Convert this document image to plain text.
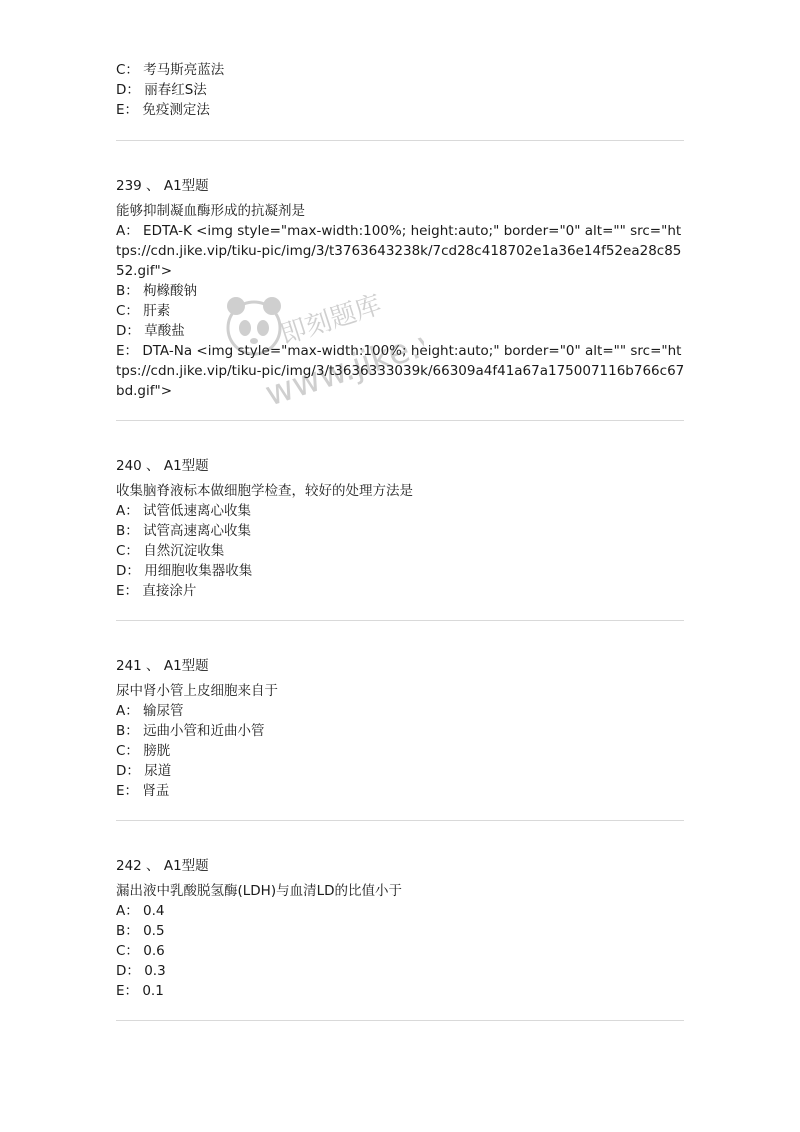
C： 考马斯亮蓝法
D： 丽春红S法
E： 免疫测定法
239 、 A1型题
能够抑制凝血酶形成的抗凝剂是
A： EDTA-K <img style="max-width:100%; height:auto;" border="0" alt="" src="https://cdn.jike.vip/tiku-pic/img/3/t3763643238k/7cd28c418702e1a36e14f52ea28c8552.gif">
B： 枸橼酸钠
C： 肝素
D： 草酸盐
E： DTA-Na <img style="max-width:100%; height:auto;" border="0" alt="" src="https://cdn.jike.vip/tiku-pic/img/3/t3636333039k/66309a4f41a67a175007116b766c67bd.gif">
240 、 A1型题
收集脑脊液标本做细胞学检查，较好的处理方法是
A： 试管低速离心收集
B： 试管高速离心收集
C： 自然沉淀收集
D： 用细胞收集器收集
E： 直接涂片
241 、 A1型题
尿中肾小管上皮细胞来自于
A： 输尿管
B： 远曲小管和近曲小管
C： 膀胱
D： 尿道
E： 肾盂
242 、 A1型题
漏出液中乳酸脱氢酶(LDH)与血清LD的比值小于
A： 0.4
B： 0.5
C： 0.6
D： 0.3
E： 0.1
即刻题库
www.jike.vip
